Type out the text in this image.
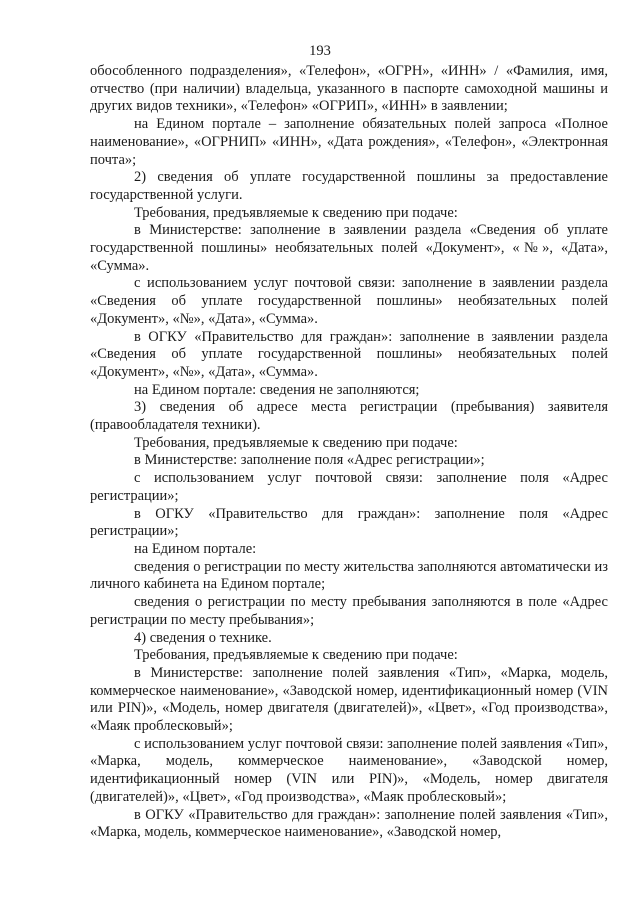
193

обособленного подразделения», «Телефон», «ОГРН», «ИНН» / «Фамилия, имя, отчество (при наличии) владельца, указанного в паспорте самоходной машины и других видов техники», «Телефон» «ОГРИП», «ИНН» в заявлении;

на Едином портале – заполнение обязательных полей запроса «Полное наименование», «ОГРНИП» «ИНН», «Дата рождения», «Телефон», «Электронная почта»;

2) сведения об уплате государственной пошлины за предоставление государственной услуги.

Требования, предъявляемые к сведению при подаче:

в Министерстве: заполнение в заявлении раздела «Сведения об уплате государственной пошлины» необязательных полей «Документ», «№», «Дата», «Сумма».

с использованием услуг почтовой связи: заполнение в заявлении раздела «Сведения об уплате государственной пошлины» необязательных полей «Документ», «№», «Дата», «Сумма».

в ОГКУ «Правительство для граждан»: заполнение в заявлении раздела «Сведения об уплате государственной пошлины» необязательных полей «Документ», «№», «Дата», «Сумма».

на Едином портале: сведения не заполняются;

3) сведения об адресе места регистрации (пребывания) заявителя (правообладателя техники).

Требования, предъявляемые к сведению при подаче:

в Министерстве: заполнение поля «Адрес регистрации»;

с использованием услуг почтовой связи: заполнение поля «Адрес регистрации»;

в ОГКУ «Правительство для граждан»: заполнение поля «Адрес регистрации»;

на Едином портале:

сведения о регистрации по месту жительства заполняются автоматически из личного кабинета на Едином портале;

сведения о регистрации по месту пребывания заполняются в поле «Адрес регистрации по месту пребывания»;

4) сведения о технике.

Требования, предъявляемые к сведению при подаче:

в Министерстве: заполнение полей заявления «Тип», «Марка, модель, коммерческое наименование», «Заводской номер, идентификационный номер (VIN или PIN)», «Модель, номер двигателя (двигателей)», «Цвет», «Год производства», «Маяк проблесковый»;

с использованием услуг почтовой связи: заполнение полей заявления «Тип», «Марка, модель, коммерческое наименование», «Заводской номер, идентификационный номер (VIN или PIN)», «Модель, номер двигателя (двигателей)», «Цвет», «Год производства», «Маяк проблесковый»;

в ОГКУ «Правительство для граждан»: заполнение полей заявления «Тип», «Марка, модель, коммерческое наименование», «Заводской номер,
